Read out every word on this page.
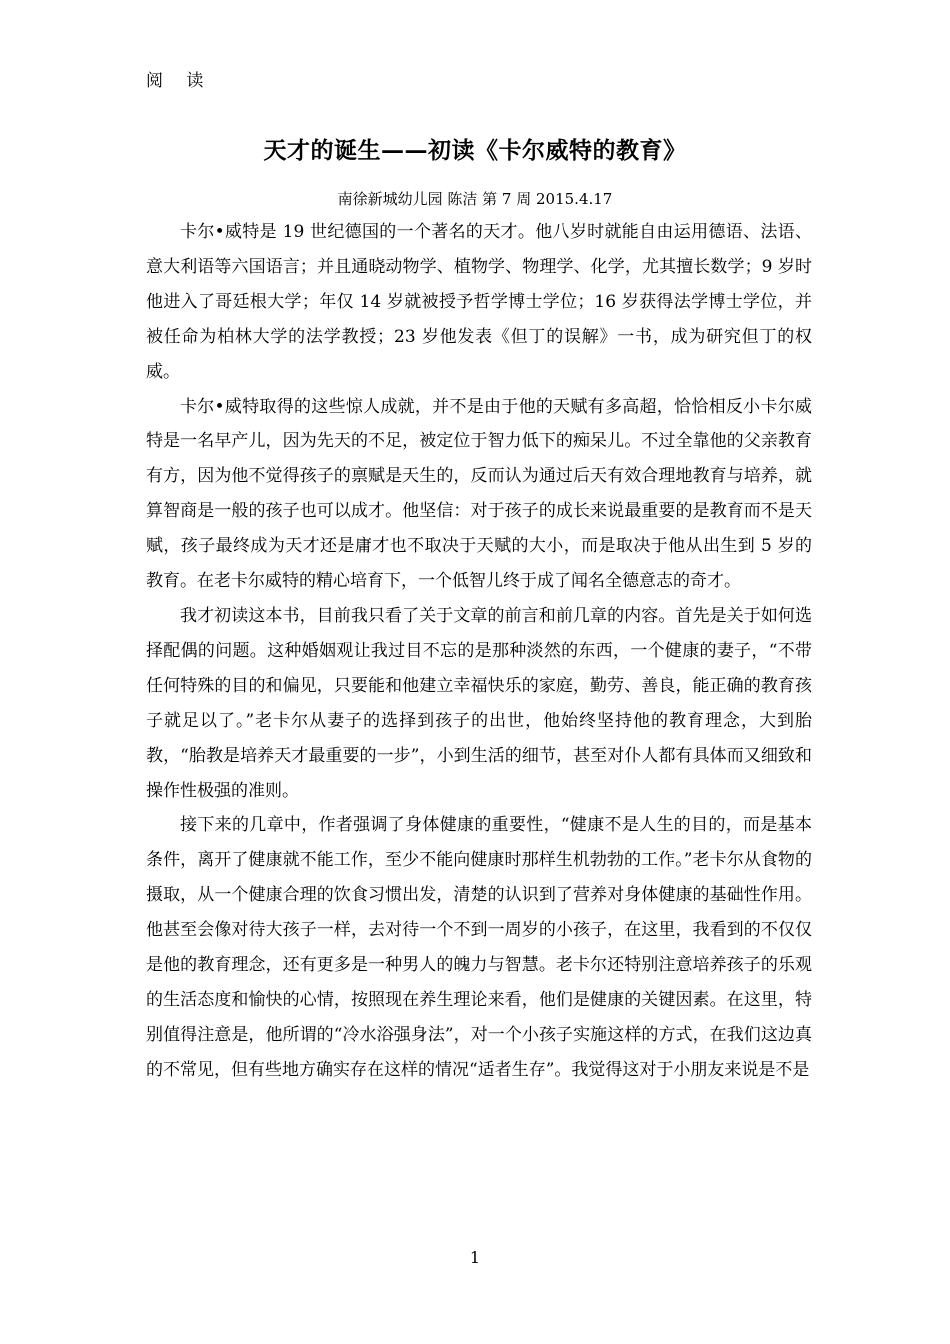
阅 读
天才的诞生——初读《卡尔威特的教育》
南徐新城幼儿园 陈洁 第 7 周 2015.4.17

卡尔•威特是 19 世纪德国的一个著名的天才。他八岁时就能自由运用德语、法语、意大利语等六国语言；并且通晓动物学、植物学、物理学、化学，尤其擅长数学；9 岁时他进入了哥廷根大学；年仅 14 岁就被授予哲学博士学位；16 岁获得法学博士学位，并被任命为柏林大学的法学教授；23 岁他发表《但丁的误解》一书，成为研究但丁的权威。

卡尔•威特取得的这些惊人成就，并不是由于他的天赋有多高超，恰恰相反小卡尔威特是一名早产儿，因为先天的不足，被定位于智力低下的痴呆儿。不过全靠他的父亲教育有方，因为他不觉得孩子的禀赋是天生的，反而认为通过后天有效合理地教育与培养，就算智商是一般的孩子也可以成才。他坚信：对于孩子的成长来说最重要的是教育而不是天赋，孩子最终成为天才还是庸才也不取决于天赋的大小，而是取决于他从出生到 5 岁的教育。在老卡尔威特的精心培育下，一个低智儿终于成了闻名全德意志的奇才。

我才初读这本书，目前我只看了关于文章的前言和前几章的内容。首先是关于如何选择配偶的问题。这种婚姻观让我过目不忘的是那种淡然的东西，一个健康的妻子，“不带任何特殊的目的和偏见，只要能和他建立幸福快乐的家庭，勤劳、善良，能正确的教育孩子就足以了。”老卡尔从妻子的选择到孩子的出世，他始终坚持他的教育理念，大到胎教，“胎教是培养天才最重要的一步”，小到生活的细节，甚至对仆人都有具体而又细致和操作性极强的准则。

接下来的几章中，作者强调了身体健康的重要性，“健康不是人生的目的，而是基本条件，离开了健康就不能工作，至少不能向健康时那样生机勃勃的工作。”老卡尔从食物的摄取，从一个健康合理的饮食习惯出发，清楚的认识到了营养对身体健康的基础性作用。他甚至会像对待大孩子一样，去对待一个不到一周岁的小孩子，在这里，我看到的不仅仅是他的教育理念，还有更多是一种男人的魄力与智慧。老卡尔还特别注意培养孩子的乐观的生活态度和愉快的心情，按照现在养生理论来看，他们是健康的关键因素。在这里，特别值得注意是，他所谓的“冷水浴强身法”，对一个小孩子实施这样的方式，在我们这边真的不常见，但有些地方确实存在这样的情况“适者生存”。我觉得这对于小朋友来说是不是

1
